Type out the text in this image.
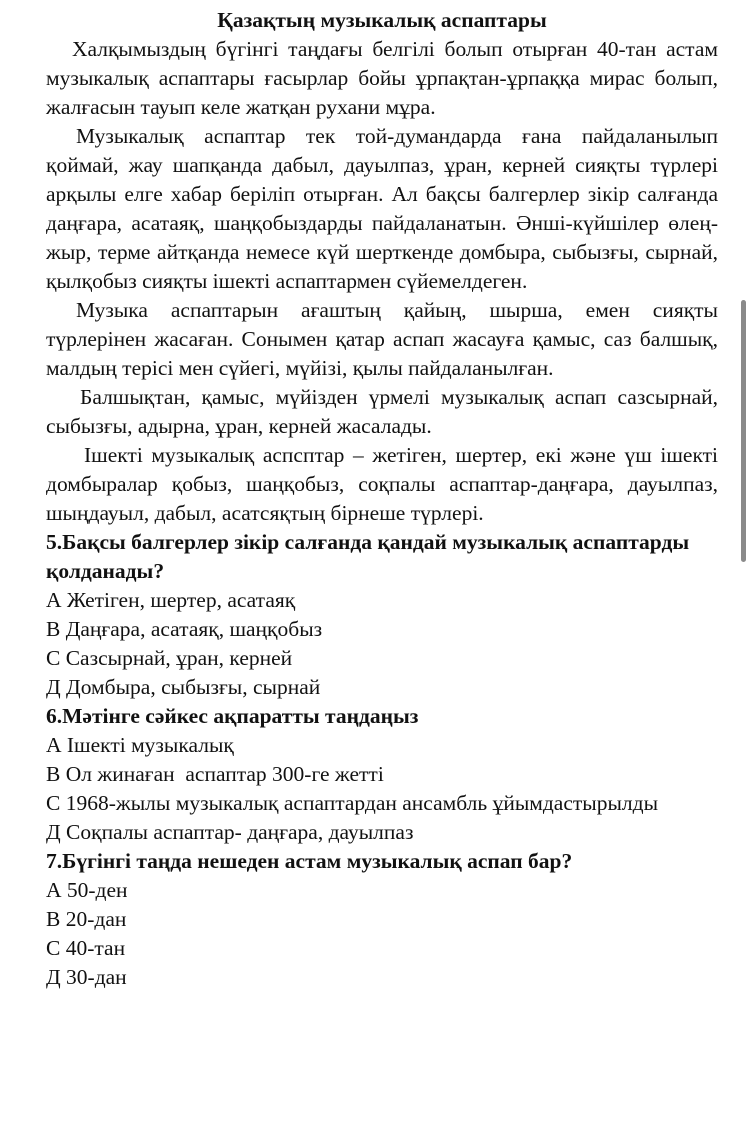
Қазақтың музыкалық аспаптары

Халқымыздың бүгінгі таңдағы белгілі болып отырған 40-тан астам музыкалық аспаптары ғасырлар бойы ұрпақтан-ұрпаққа мирас болып, жалғасын тауып келе жатқан рухани мұра.

Музыкалық аспаптар тек той-думандарда ғана пайдаланылып қоймай, жау шапқанда дабыл, дауылпаз, ұран, керней сияқты түрлері арқылы елге хабар беріліп отырған. Ал бақсы балгерлер зікір салғанда даңғара, асатаяқ, шаңқобыздарды пайдаланатын. Әнші-күйшілер өлең-жыр, терме айтқанда немесе күй шерткенде домбыра, сыбызғы, сырнай, қылқобыз сияқты ішекті аспаптармен сүйемелдеген.

Музыка аспаптарын ағаштың қайың, шырша, емен сияқты түрлерінен жасаған. Сонымен қатар аспап жасауға қамыс, саз балшық, малдың терісі мен сүйегі, мүйізі, қылы пайдаланылған.

Балшықтан, қамыс, мүйізден үрмелі музыкалық аспап сазсырнай, сыбызғы, адырна, ұран, керней жасалады.

Ішекті музыкалық аспсптар – жетіген, шертер, екі және үш ішекті домбыралар қобыз, шаңқобыз, соқпалы аспаптар-даңғара, дауылпаз, шыңдауыл, дабыл, асатсяқтың бірнеше түрлері.

5.Бақсы балгерлер зікір салғанда қандай музыкалық аспаптарды қолданады?

А Жетіген, шертер, асатаяқ

В Даңғара, асатаяқ, шаңқобыз

С Сазсырнай, ұран, керней

Д Домбыра, сыбызғы, сырнай

6.Мәтінге сәйкес ақпаратты таңдаңыз

А Ішекті музыкалық

В Ол жинаған  аспаптар 300-ге жетті

С 1968-жылы музыкалық аспаптардан ансамбль ұйымдастырылды

Д Соқпалы аспаптар- даңғара, дауылпаз

7.Бүгінгі таңда нешеден астам музыкалық аспап бар?

А 50-ден

В 20-дан

С 40-тан

Д 30-дан
